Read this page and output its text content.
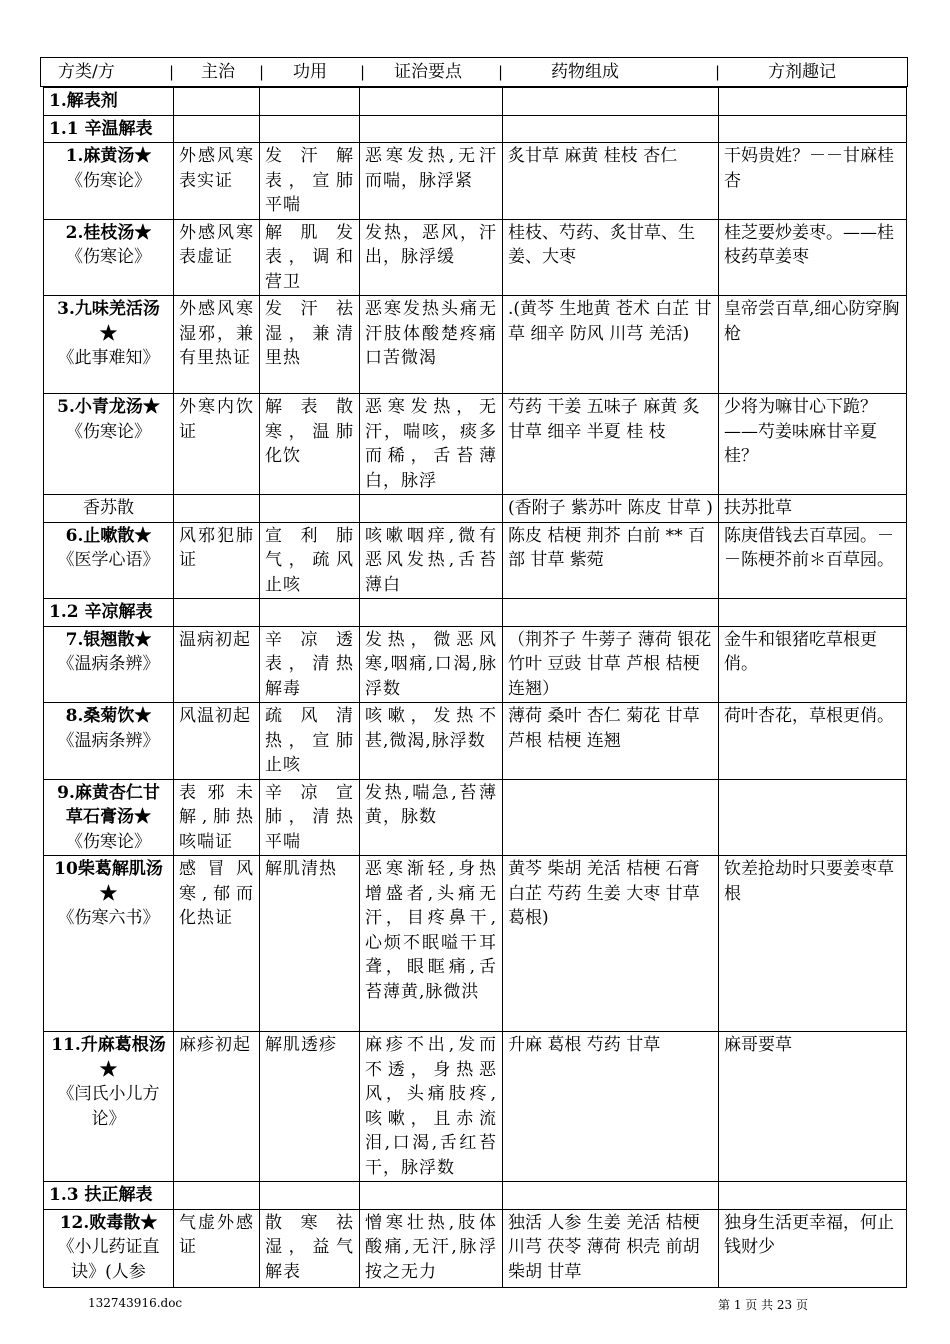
方类/方	| 主治 | 功用 | 证治要点 |	药物组成	|	方剂趣记
1.解表剂					
1.1 辛温解表					

1.麻黄汤★
《伤寒论》	外感风寒表实证	发汗解表，宣肺平喘	恶寒发热,无汗而喘，脉浮紧	炙甘草 麻黄 桂枝 杏仁	干妈贵姓？－－甘麻桂杏

2.桂枝汤★
《伤寒论》	外感风寒表虚证	解肌发表，调和营卫	发热，恶风，汗出，脉浮缓	桂枝、芍药、炙甘草、生姜、大枣	桂芝要炒姜枣。——桂枝药草姜枣

3.九味羌活汤★
《此事难知》	外感风寒湿邪，兼有里热证	发汗祛湿，兼清里热	恶寒发热头痛无汗肢体酸楚疼痛口苦微渴	.(黄芩 生地黄 苍术 白芷 甘草 细辛 防风 川芎 羌活)	皇帝尝百草,细心防穿胸枪

5.小青龙汤★
《伤寒论》	外寒内饮证	解表散寒，温肺化饮	恶寒发热，无汗，喘咳，痰多而稀，舌苔薄白，脉浮	芍药 干姜 五味子 麻黄 炙甘草 细辛 半夏 桂 枝	少将为嘛甘心下跪？——芍姜味麻甘辛夏桂？

香苏散				(香附子 紫苏叶 陈皮 甘草 )	扶苏批草

6.止嗽散★
《医学心语》	风邪犯肺证	宣利肺气，疏风止咳	咳嗽咽痒,微有恶风发热,舌苔薄白	陈皮 桔梗 荆芥 白前 ** 百部 甘草 紫菀	陈庚借钱去百草园。－－陈梗芥前＊百草园。
1.2 辛凉解表					

7.银翘散★
《温病条辨》	温病初起	辛凉透表，清热解毒	发热，微恶风寒,咽痛,口渴,脉浮数	（荆芥子 牛蒡子 薄荷 银花 竹叶 豆豉 甘草 芦根 桔梗 连翘）	金牛和银猪吃草根更俏。

8.桑菊饮★
《温病条辨》	风温初起	疏风清热，宣肺止咳	咳嗽，发热不甚,微渴,脉浮数	薄荷 桑叶 杏仁 菊花 甘草 芦根 桔梗 连翘	荷叶杏花，草根更俏。

9.麻黄杏仁甘草石膏汤★
《伤寒论》	表邪未解,肺热咳喘证	辛凉宣肺，清热平喘	发热,喘急,苔薄黄，脉数		

10柴葛解肌汤★
《伤寒六书》	感冒风寒,郁而化热证	解肌清热	恶寒渐轻,身热增盛者,头痛无汗，目疼鼻干,心烦不眠嗌干耳聋，眼眶痛,舌苔薄黄,脉微洪	黄芩 柴胡 羌活 桔梗 石膏 白芷 芍药 生姜 大枣 甘草 葛根)	钦差抢劫时只要姜枣草根

11.升麻葛根汤★
《闫氏小儿方论》	麻疹初起	解肌透疹	麻疹不出,发而不透，身热恶风，头痛肢疼,咳嗽，且赤流泪,口渴,舌红苔干，脉浮数	升麻 葛根 芍药 甘草	麻哥要草
1.3 扶正解表					

12.败毒散★
《小儿药证直诀》(人参	气虚外感证	散寒祛湿，益气解表	憎寒壮热,肢体酸痛,无汗,脉浮按之无力	独活 人参 生姜 羌活 桔梗 川芎 茯苓 薄荷 枳壳 前胡 柴胡 甘草	独身生活更幸福，何止钱财少
132743916.doc	第 1 页 共 23 页
